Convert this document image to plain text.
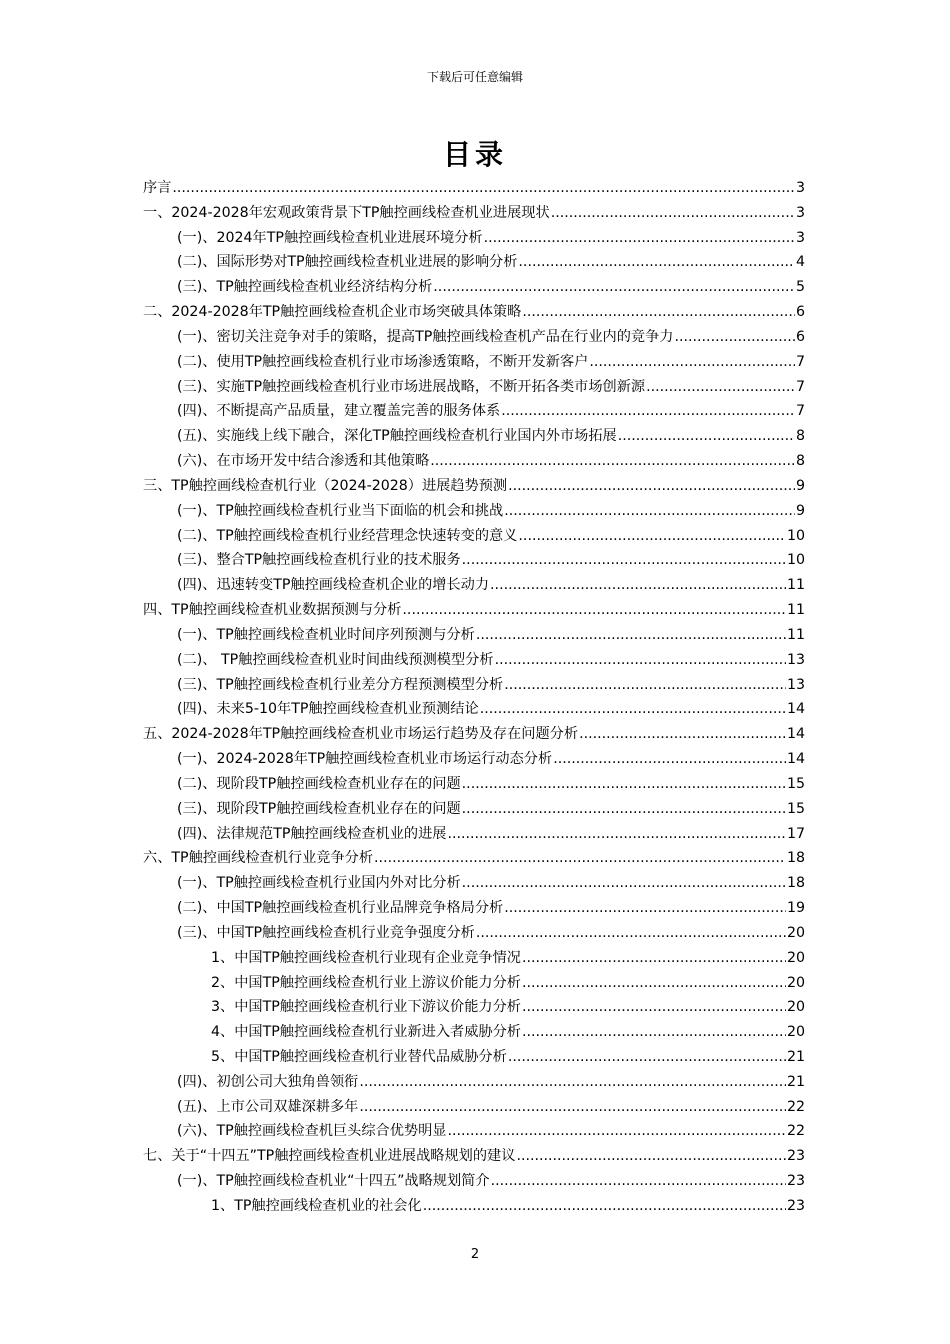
下载后可任意编辑
目录
序言 .....	3
一、2024-2028年宏观政策背景下TP触控画线检查机业进展现状 .....	3
(一)、2024年TP触控画线检查机业进展环境分析 .....	3
(二)、国际形势对TP触控画线检查机业进展的影响分析 .....	4
(三)、TP触控画线检查机业经济结构分析 .....	5
二、2024-2028年TP触控画线检查机企业市场突破具体策略 .....	6
(一)、密切关注竞争对手的策略，提高TP触控画线检查机产品在行业内的竞争力 .....	6
(二)、使用TP触控画线检查机行业市场渗透策略，不断开发新客户 .....	7
(三)、实施TP触控画线检查机行业市场进展战略，不断开拓各类市场创新源 .....	7
(四)、不断提高产品质量，建立覆盖完善的服务体系 .....	7
(五)、实施线上线下融合，深化TP触控画线检查机行业国内外市场拓展 .....	8
(六)、在市场开发中结合渗透和其他策略 .....	8
三、TP触控画线检查机行业（2024-2028）进展趋势预测 .....	9
(一)、TP触控画线检查机行业当下面临的机会和挑战 .....	9
(二)、TP触控画线检查机行业经营理念快速转变的意义 .....	10
(三)、整合TP触控画线检查机行业的技术服务 .....	10
(四)、迅速转变TP触控画线检查机企业的增长动力 .....	11
四、TP触控画线检查机业数据预测与分析 .....	11
(一)、TP触控画线检查机业时间序列预测与分析 .....	11
(二)、 TP触控画线检查机业时间曲线预测模型分析 .....	13
(三)、TP触控画线检查机行业差分方程预测模型分析 .....	13
(四)、未来5-10年TP触控画线检查机业预测结论 .....	14
五、2024-2028年TP触控画线检查机业市场运行趋势及存在问题分析 .....	14
(一)、2024-2028年TP触控画线检查机业市场运行动态分析 .....	14
(二)、现阶段TP触控画线检查机业存在的问题 .....	15
(三)、现阶段TP触控画线检查机业存在的问题 .....	15
(四)、法律规范TP触控画线检查机业的进展 .....	17
六、TP触控画线检查机行业竞争分析 .....	18
(一)、TP触控画线检查机行业国内外对比分析 .....	18
(二)、中国TP触控画线检查机行业品牌竞争格局分析 .....	19
(三)、中国TP触控画线检查机行业竞争强度分析 .....	20
1、中国TP触控画线检查机行业现有企业竞争情况 .....	20
2、中国TP触控画线检查机行业上游议价能力分析 .....	20
3、中国TP触控画线检查机行业下游议价能力分析 .....	20
4、中国TP触控画线检查机行业新进入者威胁分析 .....	20
5、中国TP触控画线检查机行业替代品威胁分析 .....	21
(四)、初创公司大独角兽领衔 .....	21
(五)、上市公司双雄深耕多年 .....	22
(六)、TP触控画线检查机巨头综合优势明显 .....	22
七、关于“十四五”TP触控画线检查机业进展战略规划的建议 .....	23
(一)、TP触控画线检查机业“十四五”战略规划简介 .....	23
1、TP触控画线检查机业的社会化 .....	23
2
